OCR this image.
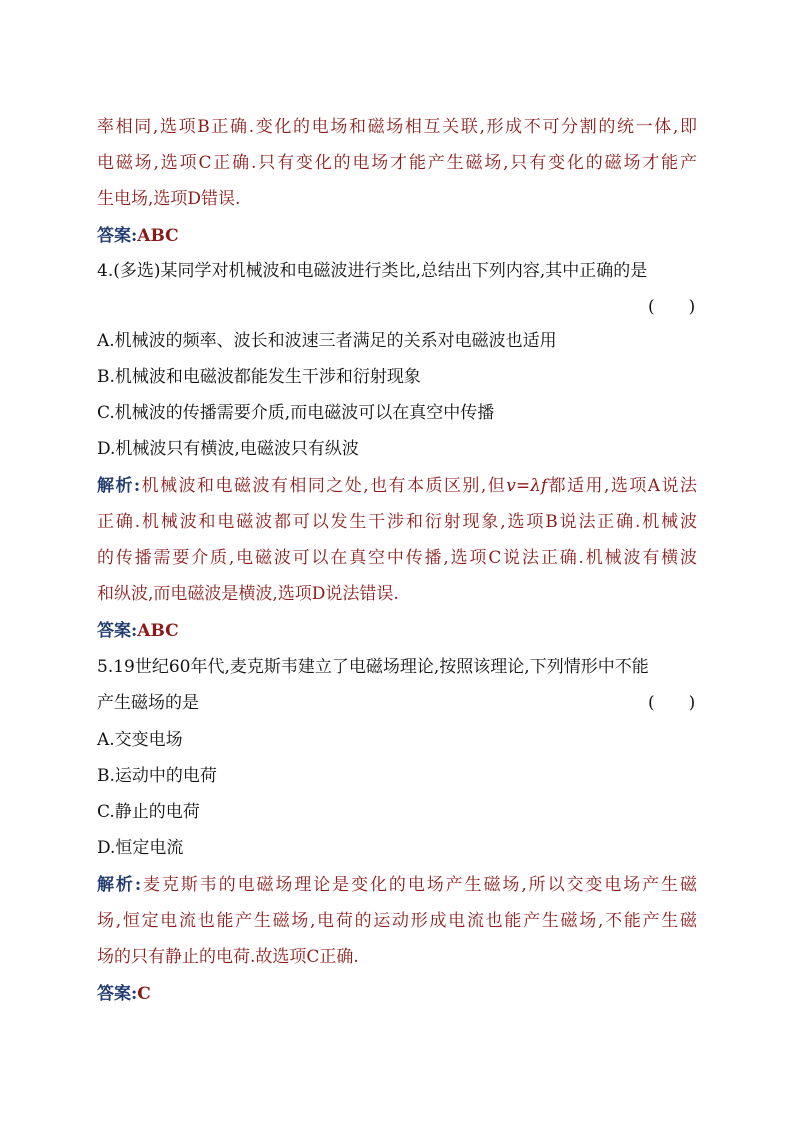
率相同,选项B正确.变化的电场和磁场相互关联,形成不可分割的统一体,即
电磁场,选项C正确.只有变化的电场才能产生磁场,只有变化的磁场才能产
生电场,选项D错误.
答案:ABC
4.(多选)某同学对机械波和电磁波进行类比,总结出下列内容,其中正确的是
(　　)
A.机械波的频率、波长和波速三者满足的关系对电磁波也适用
B.机械波和电磁波都能发生干涉和衍射现象
C.机械波的传播需要介质,而电磁波可以在真空中传播
D.机械波只有横波,电磁波只有纵波
解析:机械波和电磁波有相同之处,也有本质区别,但v=λf都适用,选项A说法
正确.机械波和电磁波都可以发生干涉和衍射现象,选项B说法正确.机械波
的传播需要介质,电磁波可以在真空中传播,选项C说法正确.机械波有横波
和纵波,而电磁波是横波,选项D说法错误.
答案:ABC
5.19世纪60年代,麦克斯韦建立了电磁场理论,按照该理论,下列情形中不能
产生磁场的是	(　　)
A.交变电场
B.运动中的电荷
C.静止的电荷
D.恒定电流
解析:麦克斯韦的电磁场理论是变化的电场产生磁场,所以交变电场产生磁
场,恒定电流也能产生磁场,电荷的运动形成电流也能产生磁场,不能产生磁
场的只有静止的电荷.故选项C正确.
答案:C
